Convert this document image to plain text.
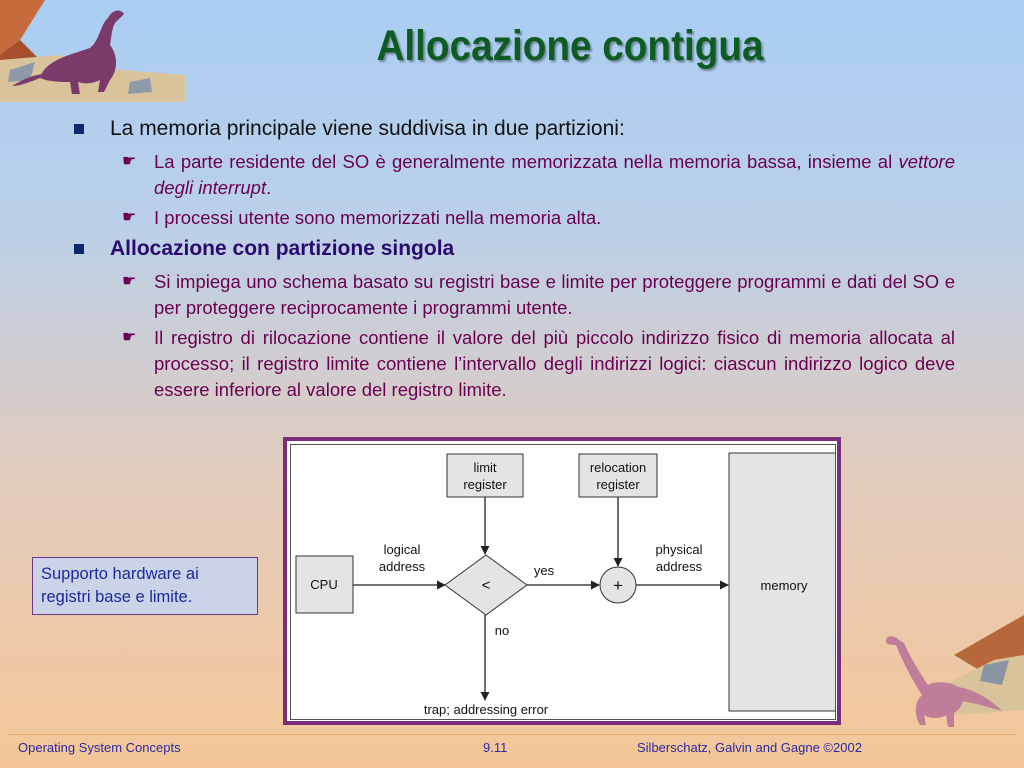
Allocazione contigua
La memoria principale viene suddivisa in due partizioni:
☛ La parte residente del SO è generalmente memorizzata nella memoria bassa, insieme al vettore degli interrupt.
☛ I processi utente sono memorizzati nella memoria alta.
Allocazione con partizione singola
☛ Si impiega uno schema basato su registri base e limite per proteggere programmi e dati del SO e per proteggere reciprocamente i programmi utente.
☛ Il registro di rilocazione contiene il valore del più piccolo indirizzo fisico di memoria allocata al processo; il registro limite contiene l’intervallo degli indirizzi logici: ciascun indirizzo logico deve essere inferiore al valore del registro limite.
limit
register
relocation
register
CPU
logical
address
<
yes
+
physical
address
memory
no
trap; addressing error
Supporto hardware ai registri base e limite.
Operating System Concepts	9.11	Silberschatz, Galvin and Gagne ©2002
